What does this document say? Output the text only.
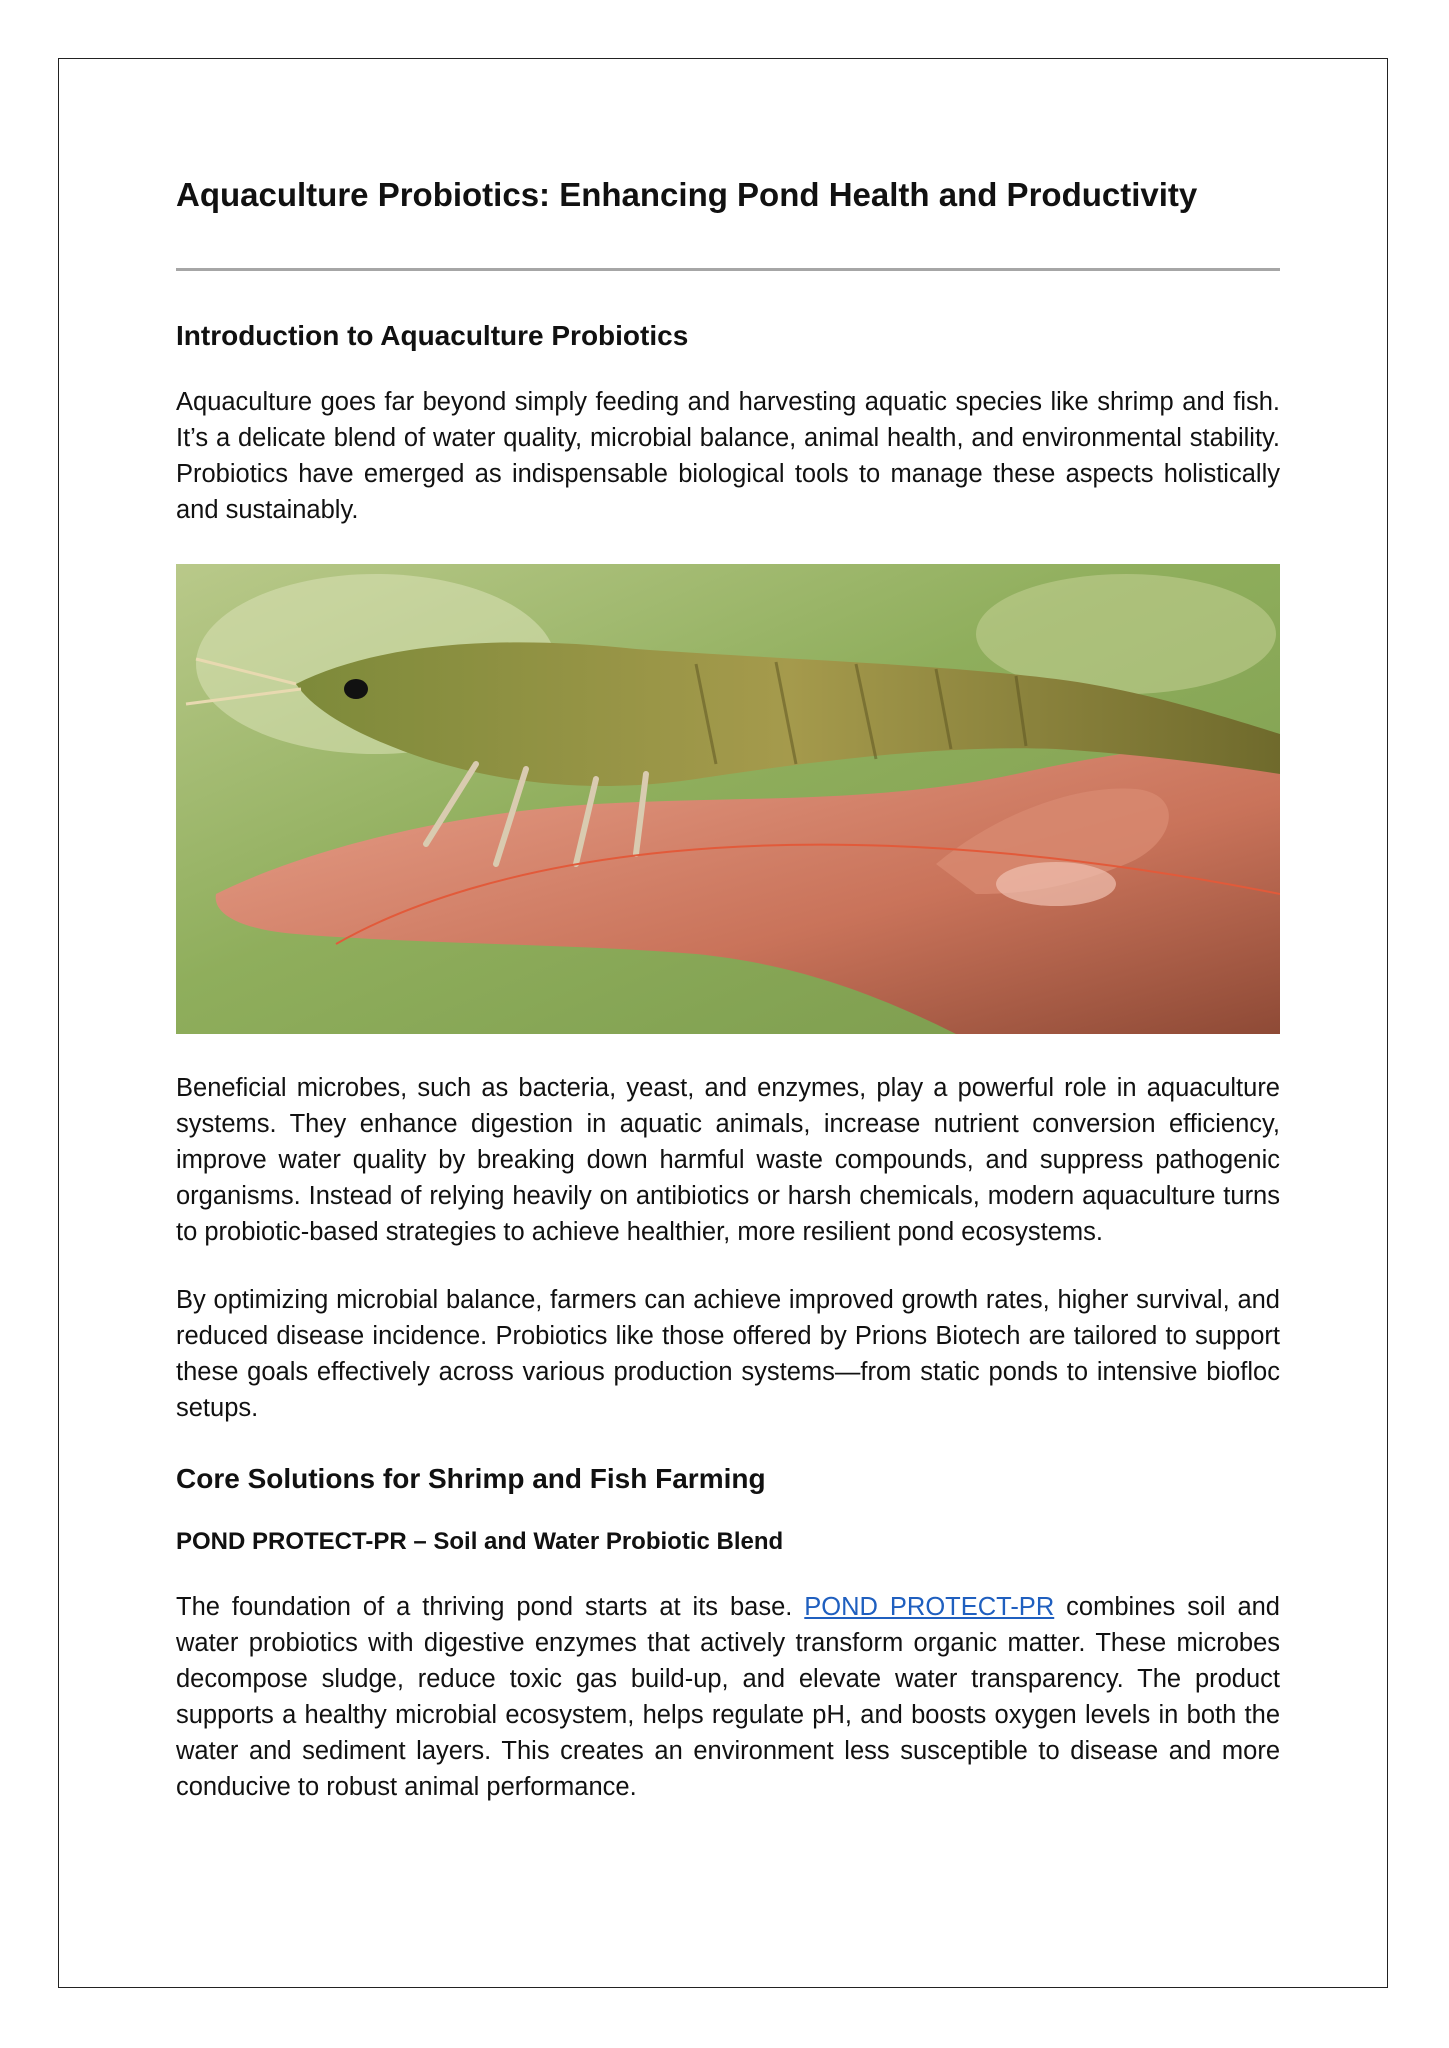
Aquaculture Probiotics: Enhancing Pond Health and Productivity
Introduction to Aquaculture Probiotics

Aquaculture goes far beyond simply feeding and harvesting aquatic species like shrimp and fish. It’s a delicate blend of water quality, microbial balance, animal health, and environmental stability. Probiotics have emerged as indispensable biological tools to manage these aspects holistically and sustainably.

Beneficial microbes, such as bacteria, yeast, and enzymes, play a powerful role in aquaculture systems. They enhance digestion in aquatic animals, increase nutrient conversion efficiency, improve water quality by breaking down harmful waste compounds, and suppress pathogenic organisms. Instead of relying heavily on antibiotics or harsh chemicals, modern aquaculture turns to probiotic-based strategies to achieve healthier, more resilient pond ecosystems.

By optimizing microbial balance, farmers can achieve improved growth rates, higher survival, and reduced disease incidence. Probiotics like those offered by Prions Biotech are tailored to support these goals effectively across various production systems—from static ponds to intensive biofloc setups.

Core Solutions for Shrimp and Fish Farming
POND PROTECT-PR – Soil and Water Probiotic Blend

The foundation of a thriving pond starts at its base. POND PROTECT-PR combines soil and water probiotics with digestive enzymes that actively transform organic matter. These microbes decompose sludge, reduce toxic gas build-up, and elevate water transparency. The product supports a healthy microbial ecosystem, helps regulate pH, and boosts oxygen levels in both the water and sediment layers. This creates an environment less susceptible to disease and more conducive to robust animal performance.
